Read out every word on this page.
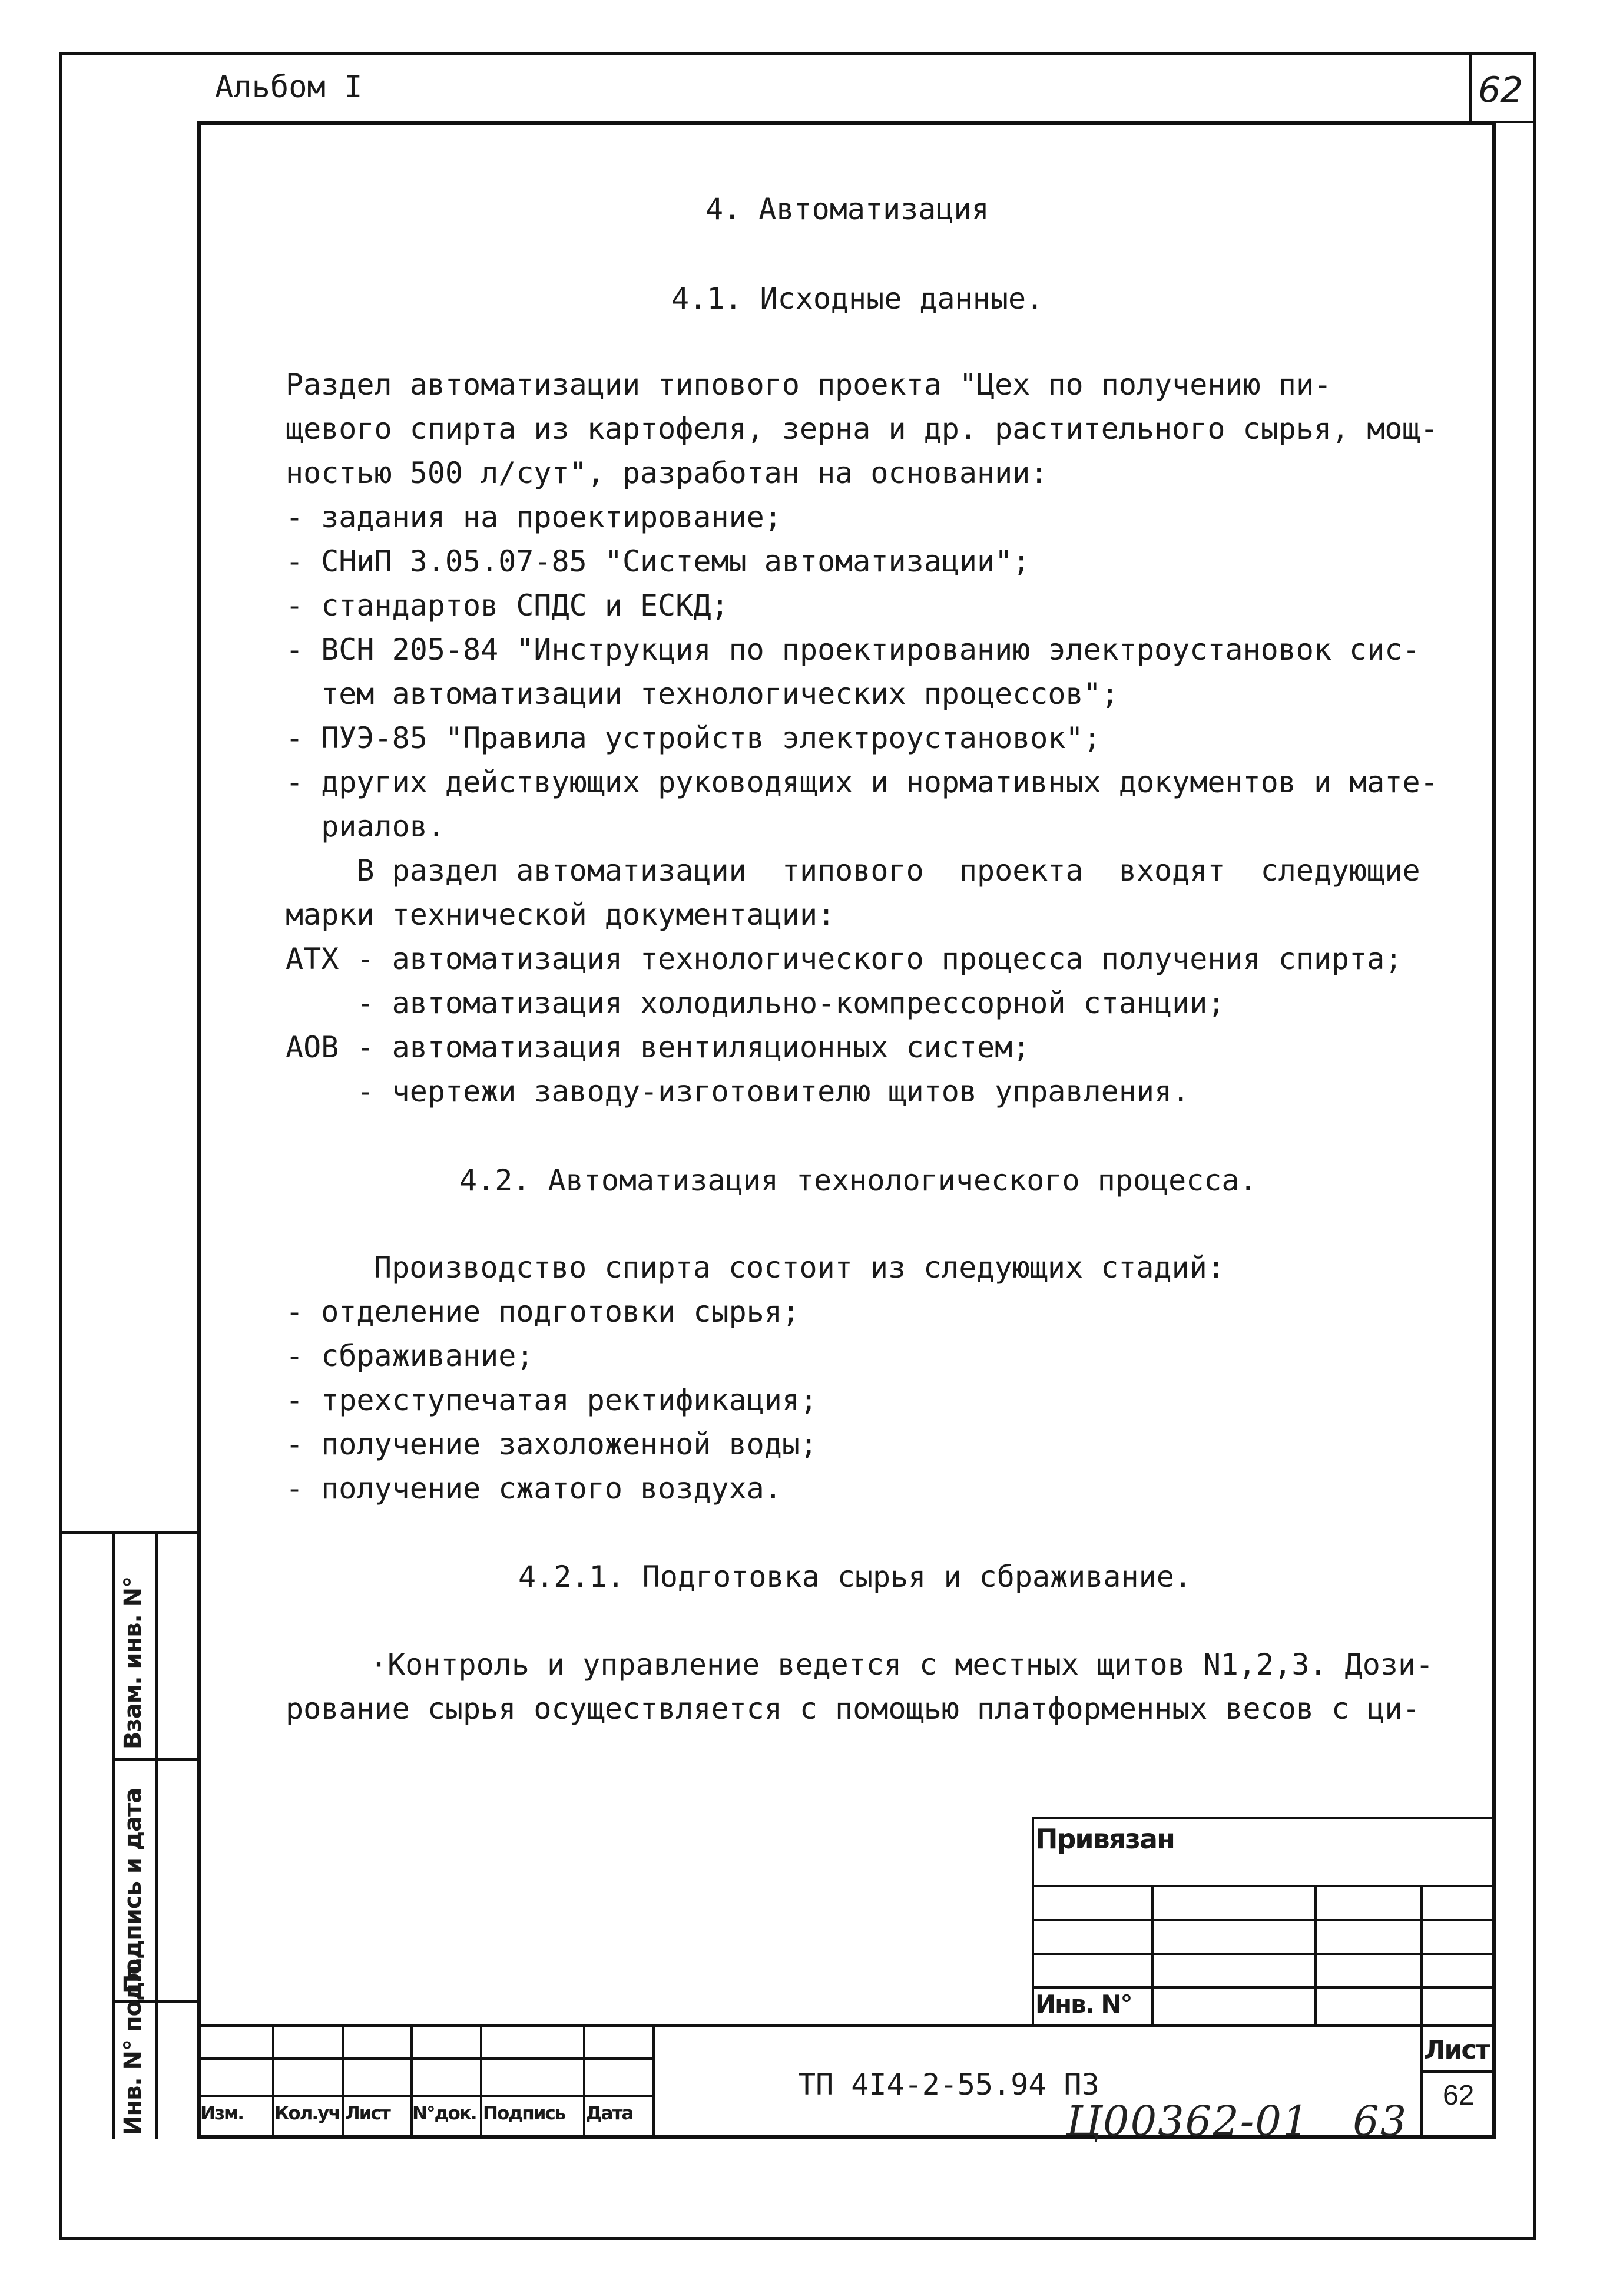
Альбом I	62
4. Автоматизация
4.1. Исходные данные.
Раздел автоматизации типового проекта "Цех по получению пи-
щевого спирта из картофеля, зерна и др. растительного сырья, мощ-
ностью 500 л/сут", разработан на основании:
- задания на проектирование;
- СНиП 3.05.07-85 "Системы автоматизации";
- стандартов СПДС и ЕСКД;
- ВСН 205-84 "Инструкция по проектированию электроустановок сис-
тем автоматизации технологических процессов";
- ПУЭ-85 "Правила устройств электроустановок";
- других действующих руководящих и нормативных документов и мате-
риалов.
В раздел автоматизации  типового  проекта  входят  следующие
марки технической документации:
АТХ - автоматизация технологического процесса получения спирта;
- автоматизация холодильно-компрессорной станции;
АОВ - автоматизация вентиляционных систем;
- чертежи заводу-изготовителю щитов управления.
4.2. Автоматизация технологического процесса.
Производство спирта состоит из следующих стадий:
- отделение подготовки сырья;
- сбраживание;
- трехступечатая ректификация;
- получение захоложенной воды;
- получение сжатого воздуха.
4.2.1. Подготовка сырья и сбраживание.
·Контроль и управление ведется с местных щитов N1,2,3. Дози-
рование сырья осуществляется с помощью платформенных весов с ци-
Взам. инв. N°
Подпись и дата
Инв. N° подл.
Привязан
Инв. N°
Изм. Кол.уч Лист N°док. Подпись Дата
ТП 4I4-2-55.94 ПЗ
Лист
62
Ц00362-01   63
